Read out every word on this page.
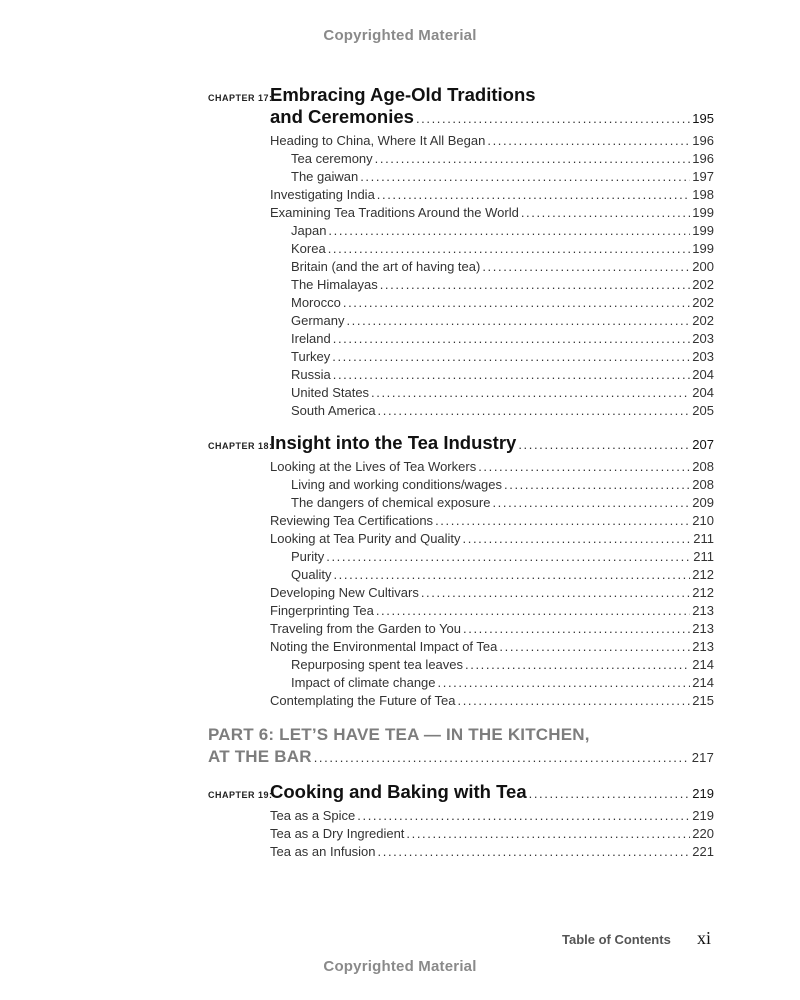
Copyrighted Material
CHAPTER 17:
Embracing Age-Old Traditions
and Ceremonies .....	195
Heading to China, Where It All Began .....	196
Tea ceremony .....	196
The gaiwan .....	197
Investigating India .....	198
Examining Tea Traditions Around the World .....	199
Japan .....	199
Korea .....	199
Britain (and the art of having tea) .....	200
The Himalayas .....	202
Morocco .....	202
Germany .....	202
Ireland .....	203
Turkey .....	203
Russia .....	204
United States .....	204
South America .....	205
CHAPTER 18:
Insight into the Tea Industry .....	207
Looking at the Lives of Tea Workers .....	208
Living and working conditions/wages .....	208
The dangers of chemical exposure .....	209
Reviewing Tea Certifications .....	210
Looking at Tea Purity and Quality .....	211
Purity .....	211
Quality .....	212
Developing New Cultivars .....	212
Fingerprinting Tea .....	213
Traveling from the Garden to You .....	213
Noting the Environmental Impact of Tea .....	213
Repurposing spent tea leaves .....	214
Impact of climate change .....	214
Contemplating the Future of Tea .....	215
PART 6: LET’S HAVE TEA — IN THE KITCHEN,
AT THE BAR .....	217
CHAPTER 19:
Cooking and Baking with Tea .....	219
Tea as a Spice .....	219
Tea as a Dry Ingredient .....	220
Tea as an Infusion .....	221
Table of Contents xi
Copyrighted Material
